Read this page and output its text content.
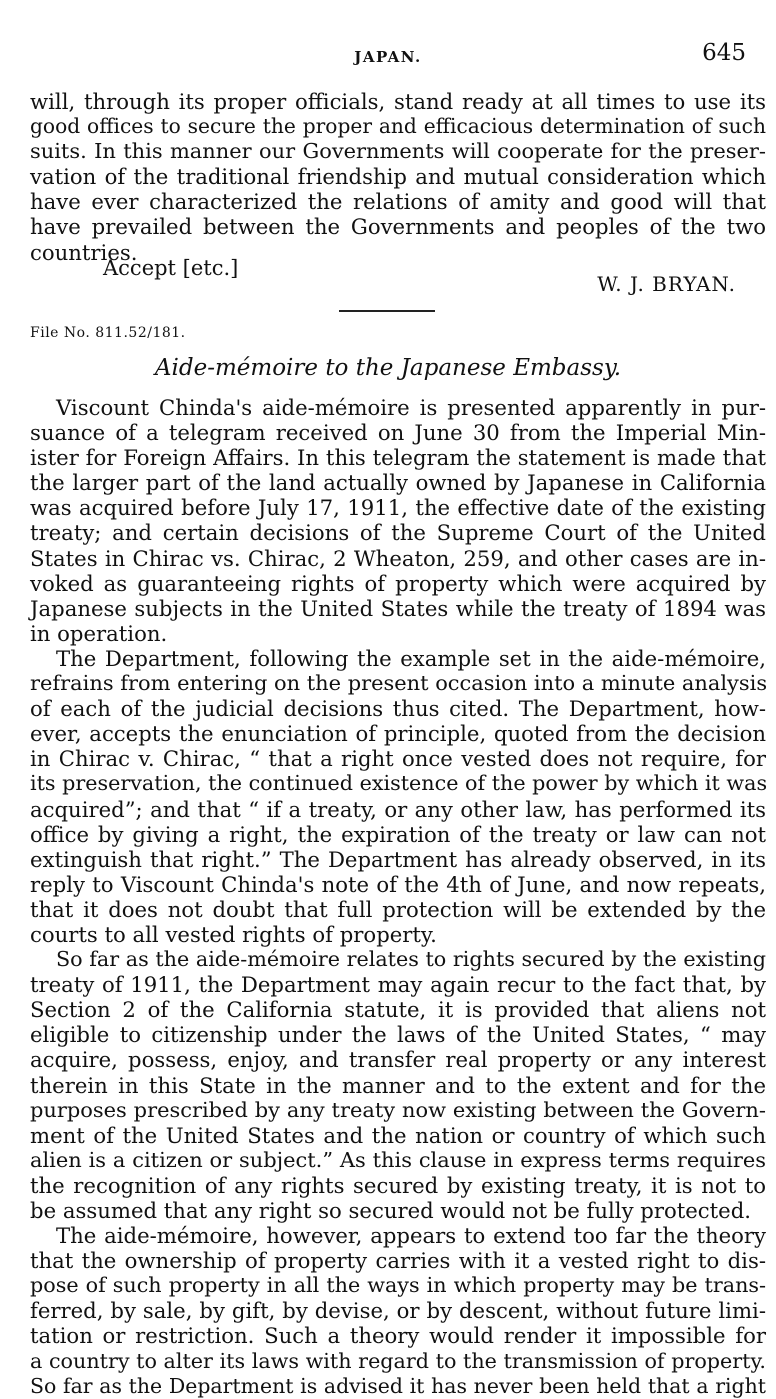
JAPAN.	645
will, through its proper officials, stand ready at all times to use its
good offices to secure the proper and efficacious determination of such
suits. In this manner our Governments will cooperate for the preser-
vation of the traditional friendship and mutual consideration which
have ever characterized the relations of amity and good will that
have prevailed between the Governments and peoples of the two
countries.
Accept [etc.]
W. J. BRYAN.
File No. 811.52/181.
Aide-mémoire to the Japanese Embassy.
Viscount Chinda's aide-mémoire is presented apparently in pur-
suance of a telegram received on June 30 from the Imperial Min-
ister for Foreign Affairs. In this telegram the statement is made that
the larger part of the land actually owned by Japanese in California
was acquired before July 17, 1911, the effective date of the existing
treaty; and certain decisions of the Supreme Court of the United
States in Chirac vs. Chirac, 2 Wheaton, 259, and other cases are in-
voked as guaranteeing rights of property which were acquired by
Japanese subjects in the United States while the treaty of 1894 was
in operation.
The Department, following the example set in the aide-mémoire,
refrains from entering on the present occasion into a minute analysis
of each of the judicial decisions thus cited. The Department, how-
ever, accepts the enunciation of principle, quoted from the decision
in Chirac v. Chirac, “ that a right once vested does not require, for
its preservation, the continued existence of the power by which it was
acquired”; and that “ if a treaty, or any other law, has performed its
office by giving a right, the expiration of the treaty or law can not
extinguish that right.” The Department has already observed, in its
reply to Viscount Chinda's note of the 4th of June, and now repeats,
that it does not doubt that full protection will be extended by the
courts to all vested rights of property.
So far as the aide-mémoire relates to rights secured by the existing
treaty of 1911, the Department may again recur to the fact that, by
Section 2 of the California statute, it is provided that aliens not
eligible to citizenship under the laws of the United States, “ may
acquire, possess, enjoy, and transfer real property or any interest
therein in this State in the manner and to the extent and for the
purposes prescribed by any treaty now existing between the Govern-
ment of the United States and the nation or country of which such
alien is a citizen or subject.” As this clause in express terms requires
the recognition of any rights secured by existing treaty, it is not to
be assumed that any right so secured would not be fully protected.
The aide-mémoire, however, appears to extend too far the theory
that the ownership of property carries with it a vested right to dis-
pose of such property in all the ways in which property may be trans-
ferred, by sale, by gift, by devise, or by descent, without future limi-
tation or restriction. Such a theory would render it impossible for
a country to alter its laws with regard to the transmission of property.
So far as the Department is advised it has never been held that a right
